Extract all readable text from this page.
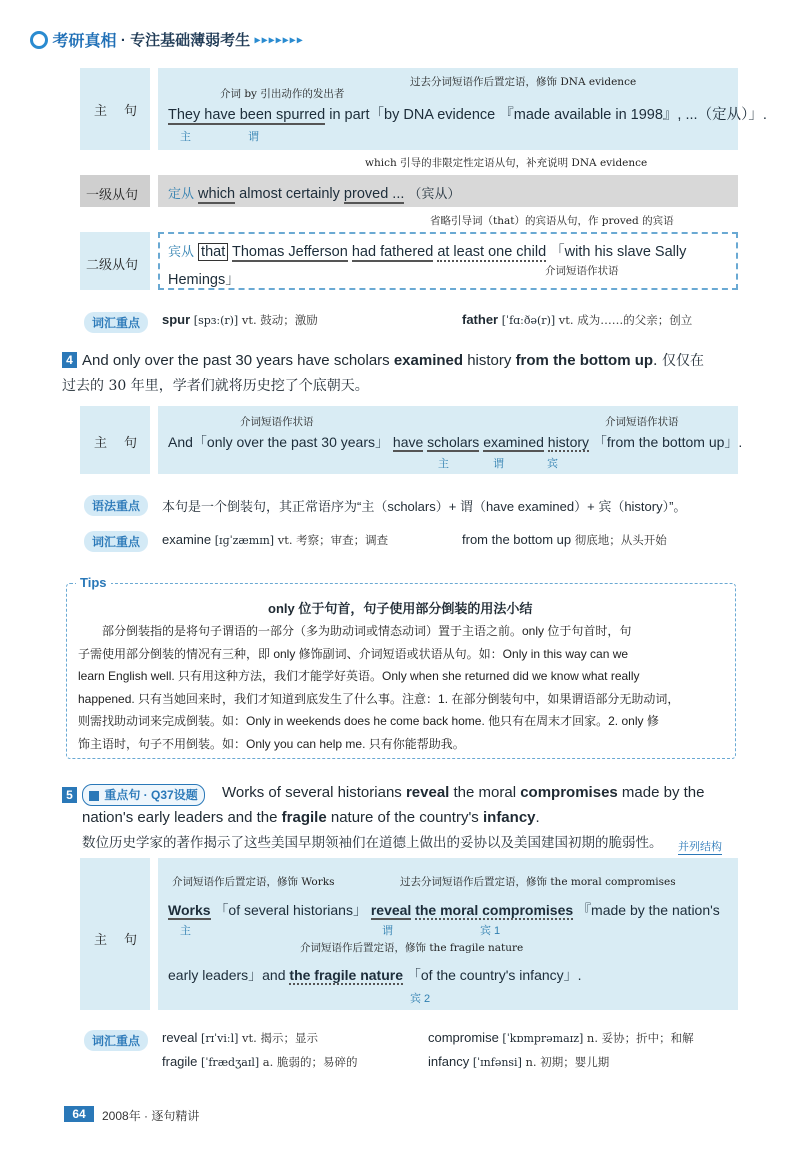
考研真相 · 专注基础薄弱考生 ▸▸▸▸▸▸▸
主　句
介词 by 引出动作的发出者
过去分词短语作后置定语，修饰 DNA evidence
They have been spurred in part「by DNA evidence 『made available in 1998』, ...（定从）」.
主	谓
which 引导的非限定性定语从句，补充说明 DNA evidence
一级从句 定从 which almost certainly proved ... （宾从）
省略引导词（that）的宾语从句，作 proved 的宾语
二级从句
宾从 that Thomas Jefferson had fathered at least one child 「with his slave Sally
Hemings」
介词短语作状语
词汇重点	spur [spɜː(r)] vt. 鼓动；激励	father [ˈfɑːðə(r)] vt. 成为……的父亲；创立
4 And only over the past 30 years have scholars examined history from the bottom up. 仅仅在
过去的 30 年里，学者们就将历史挖了个底朝天。
主　句
介词短语作状语	介词短语作状语
And「only over the past 30 years」 have scholars examined history 「from the bottom up」.
主	谓	宾
语法重点	本句是一个倒装句，其正常语序为“主（scholars）+ 谓（have examined）+ 宾（history）”。
词汇重点	examine [ɪɡˈzæmɪn] vt. 考察；审查；调查	from the bottom up 彻底地；从头开始
Tips
only 位于句首，句子使用部分倒装的用法小结
部分倒装指的是将句子谓语的一部分（多为助动词或情态动词）置于主语之前。only 位于句首时，句
子需使用部分倒装的情况有三种，即 only 修饰副词、介词短语或状语从句。如：Only in this way can we
learn English well. 只有用这种方法，我们才能学好英语。Only when she returned did we know what really
happened. 只有当她回来时，我们才知道到底发生了什么事。注意：1. 在部分倒装句中，如果谓语部分无助动词，
则需找助动词来完成倒装。如：Only in weekends does he come back home. 他只有在周末才回家。2. only 修
饰主语时，句子不用倒装。如：Only you can help me. 只有你能帮助我。
5	重点句 · Q37设题	Works of several historians reveal the moral compromises made by the
nation's early leaders and the fragile nature of the country's infancy.
数位历史学家的著作揭示了这些美国早期领袖们在道德上做出的妥协以及美国建国初期的脆弱性。	并列结构
主　句
介词短语作后置定语，修饰 Works	过去分词短语作后置定语，修饰 the moral compromises
Works 「of several historians」 reveal the moral compromises 『made by the nation's
主	谓	宾 1
介词短语作后置定语，修饰 the fragile nature
early leaders」and the fragile nature 「of the country's infancy」.
宾 2
词汇重点	reveal [rɪˈviːl] vt. 揭示；显示	compromise [ˈkɒmprəmaɪz] n. 妥协；折中；和解
fragile [ˈfrædʒaɪl] a. 脆弱的；易碎的	infancy [ˈɪnfənsi] n. 初期；婴儿期
64	2008年 · 逐句精讲
